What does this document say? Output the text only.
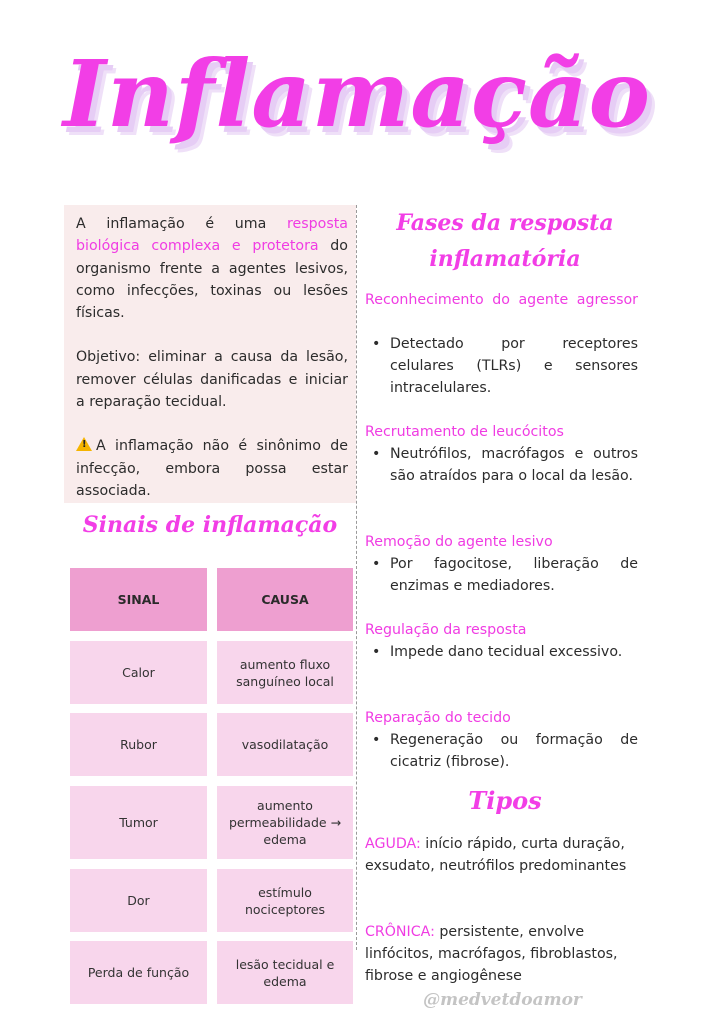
Inflamação

A inflamação é uma resposta biológica complexa e protetora do organismo frente a agentes lesivos, como infecções, toxinas ou lesões físicas.

Objetivo: eliminar a causa da lesão, remover células danificadas e iniciar a reparação tecidual.

!A inflamação não é sinônimo de infecção, embora possa estar associada.

Sinais de inflamação
SINAL	CAUSA
Calor
aumento fluxo sanguíneo local
Rubor	vasodilatação
Tumor
aumento permeabilidade → edema
Dor
estímulo nociceptores
Perda de função
lesão tecidual e edema
Fases da resposta inflamatória
Reconhecimento do agente agressor
• Detectado por receptores celulares (TLRs) e sensores intracelulares.
Recrutamento de leucócitos
• Neutrófilos, macrófagos e outros são atraídos para o local da lesão.
Remoção do agente lesivo
• Por fagocitose, liberação de enzimas e mediadores.
Regulação da resposta
• Impede dano tecidual excessivo.
Reparação do tecido
• Regeneração ou formação de cicatriz (fibrose).
Tipos
AGUDA: início rápido, curta duração, exsudato, neutrófilos predominantes
CRÔNICA: persistente, envolve linfócitos, macrófagos, fibroblastos, fibrose e angiogênese
@medvetdoamor
